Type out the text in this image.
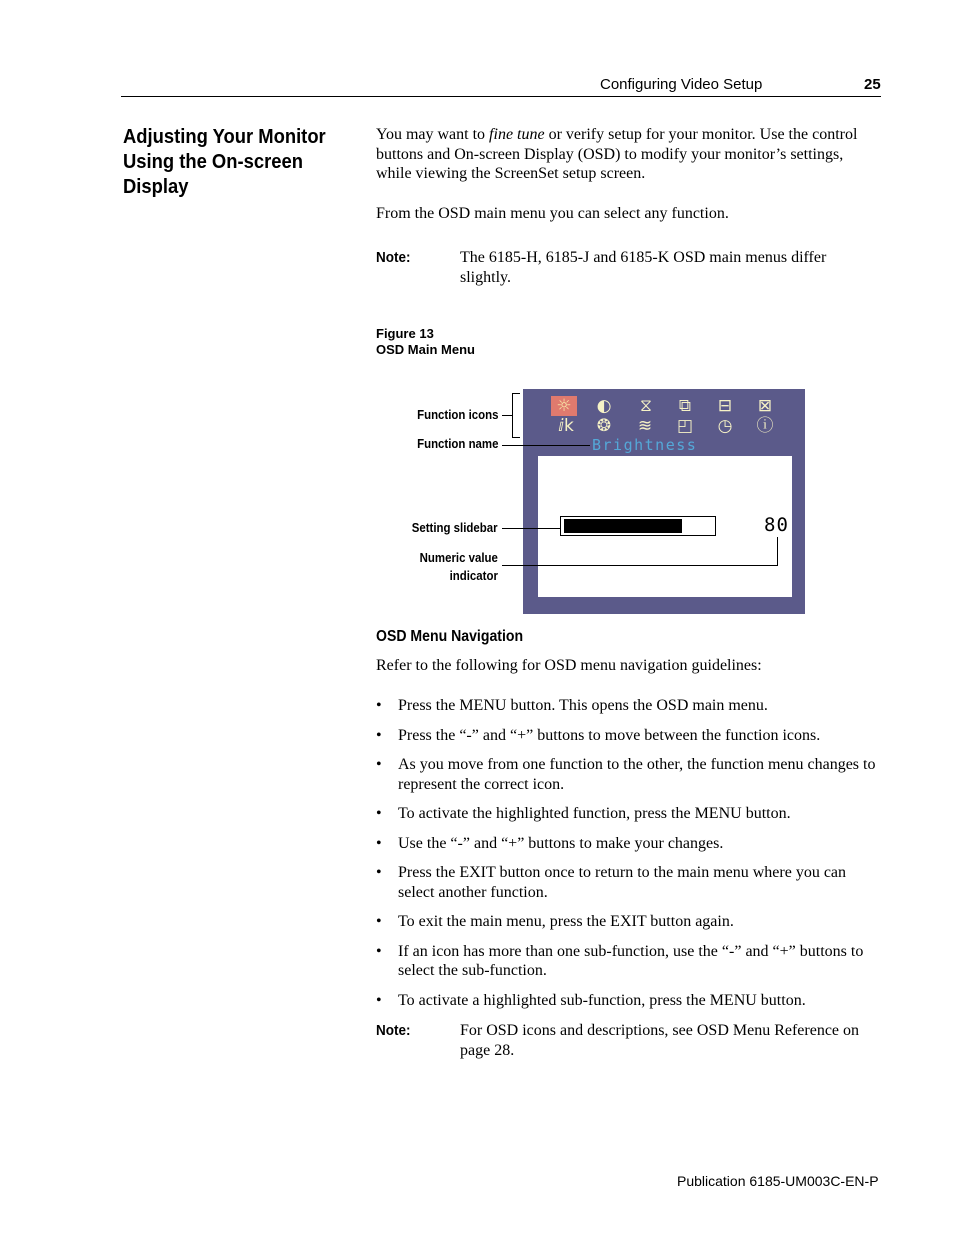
Configuring Video Setup	25
Adjusting Your Monitor Using the On-screen Display
You may want to fine tune or verify setup for your monitor. Use the control buttons and On-screen Display (OSD) to modify your monitor’s settings, while viewing the ScreenSet setup screen.
From the OSD main menu you can select any function.
Note:	The 6185-H, 6185-J and 6185-K OSD main menus differ slightly.
Figure 13
OSD Main Menu
☼	◐	⧖	⧉	⊟	⊠
ⅈk	❂	≋	◰	◷	ⓘ
Brightness
80
Function icons
Function name
Setting slidebar
Numeric value
indicator
OSD Menu Navigation
Refer to the following for OSD menu navigation guidelines:
• Press the MENU button. This opens the OSD main menu.
• Press the “-” and “+” buttons to move between the function icons.
• As you move from one function to the other, the function menu changes to represent the correct icon.
• To activate the highlighted function, press the MENU button.
• Use the “-” and “+” buttons to make your changes.
• Press the EXIT button once to return to the main menu where you can select another function.
• To exit the main menu, press the EXIT button again.
• If an icon has more than one sub-function, use the “-” and “+” buttons to select the sub-function.
• To activate a highlighted sub-function, press the MENU button.
Note:	For OSD icons and descriptions, see OSD Menu Reference on page 28.
Publication 6185-UM003C-EN-P
